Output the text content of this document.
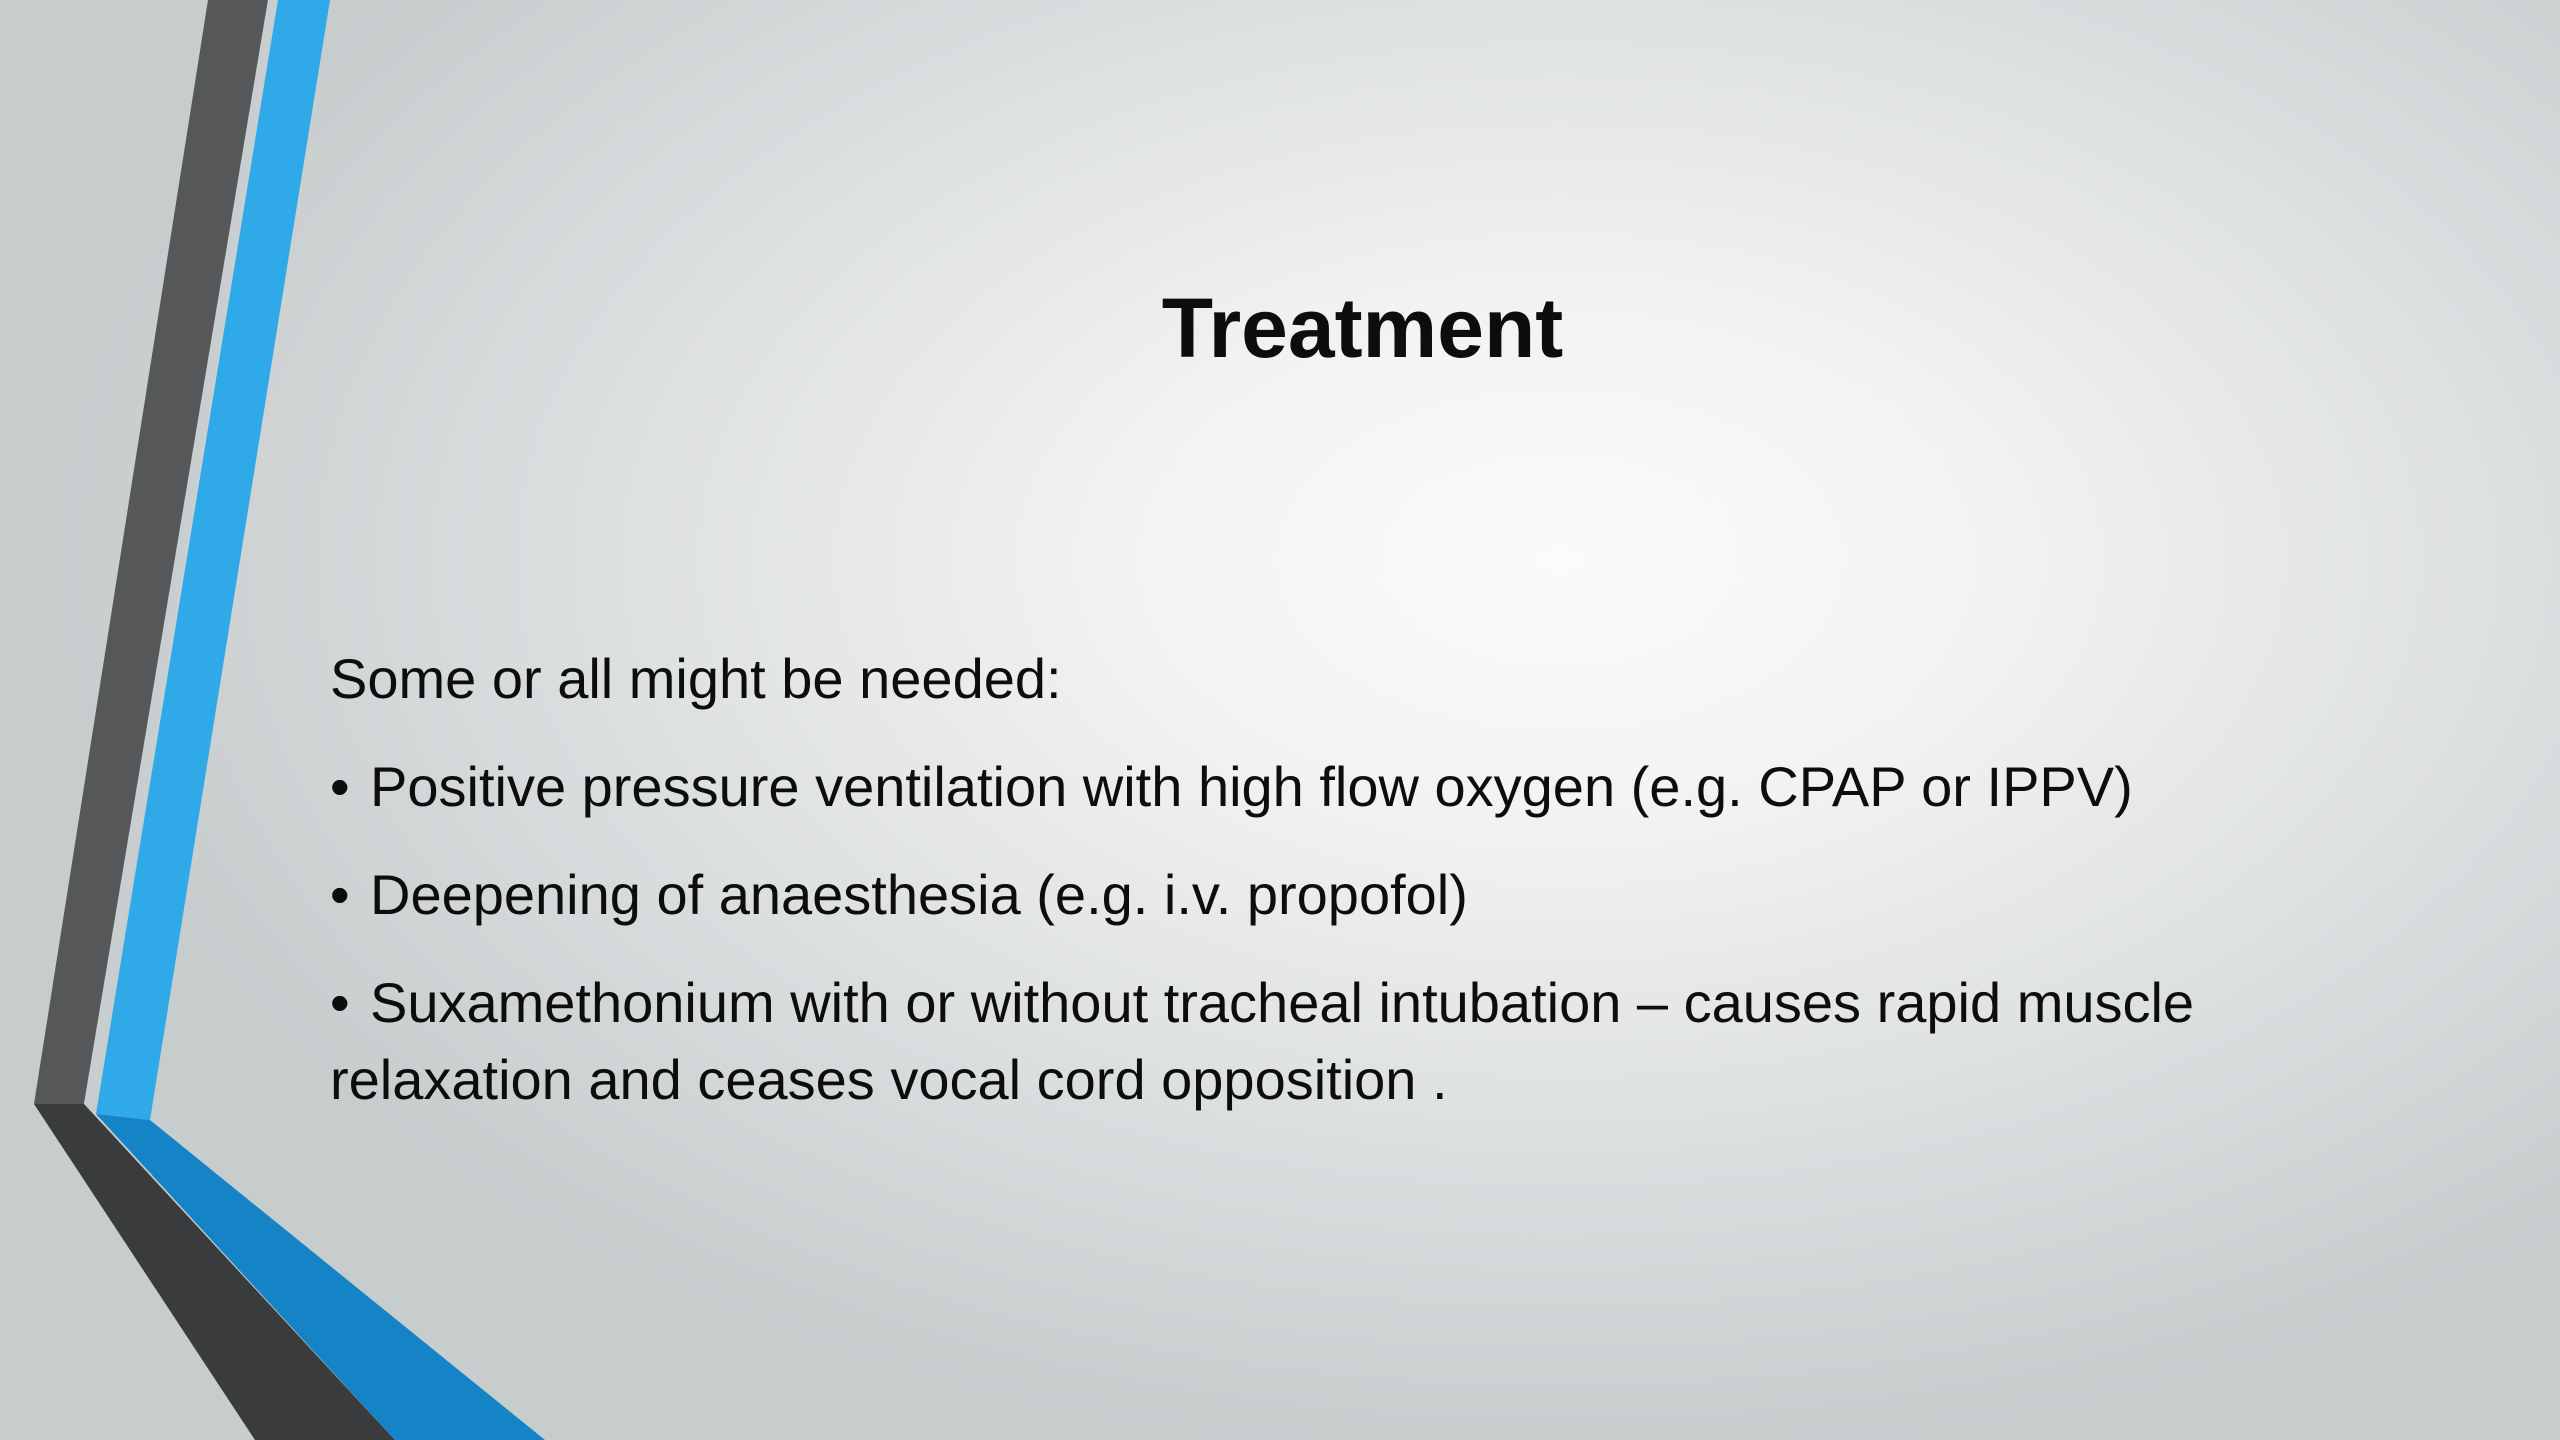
Treatment

Some or all might be needed:

• Positive pressure ventilation with high flow oxygen (e.g. CPAP or IPPV)

• Deepening of anaesthesia (e.g. i.v. propofol)

• Suxamethonium with or without tracheal intubation – causes rapid muscle relaxation and ceases vocal cord opposition .
